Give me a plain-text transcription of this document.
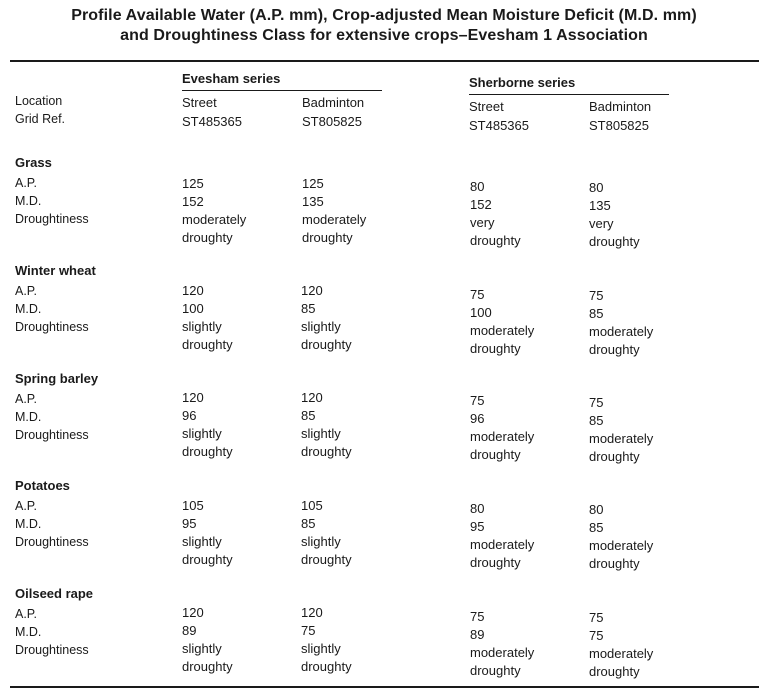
Profile Available Water (A.P. mm), Crop-adjusted Mean Moisture Deficit (M.D. mm)
and Droughtiness Class for extensive crops–Evesham 1 Association
Evesham series	Sherborne series
Location
Grid Ref.
Street
ST485365
Badminton
ST805825
Street
ST485365
Badminton
ST805825
Grass
A.P.
M.D.
Droughtiness
125
152
moderately
droughty
125
135
moderately
droughty
80
152
very
droughty
80
135
very
droughty
Winter wheat
A.P.
M.D.
Droughtiness
120
100
slightly
droughty
120
85
slightly
droughty
75
100
moderately
droughty
75
85
moderately
droughty
Spring barley
A.P.
M.D.
Droughtiness
120
96
slightly
droughty
120
85
slightly
droughty
75
96
moderately
droughty
75
85
moderately
droughty
Potatoes
A.P.
M.D.
Droughtiness
105
95
slightly
droughty
105
85
slightly
droughty
80
95
moderately
droughty
80
85
moderately
droughty
Oilseed rape
A.P.
M.D.
Droughtiness
120
89
slightly
droughty
120
75
slightly
droughty
75
89
moderately
droughty
75
75
moderately
droughty
